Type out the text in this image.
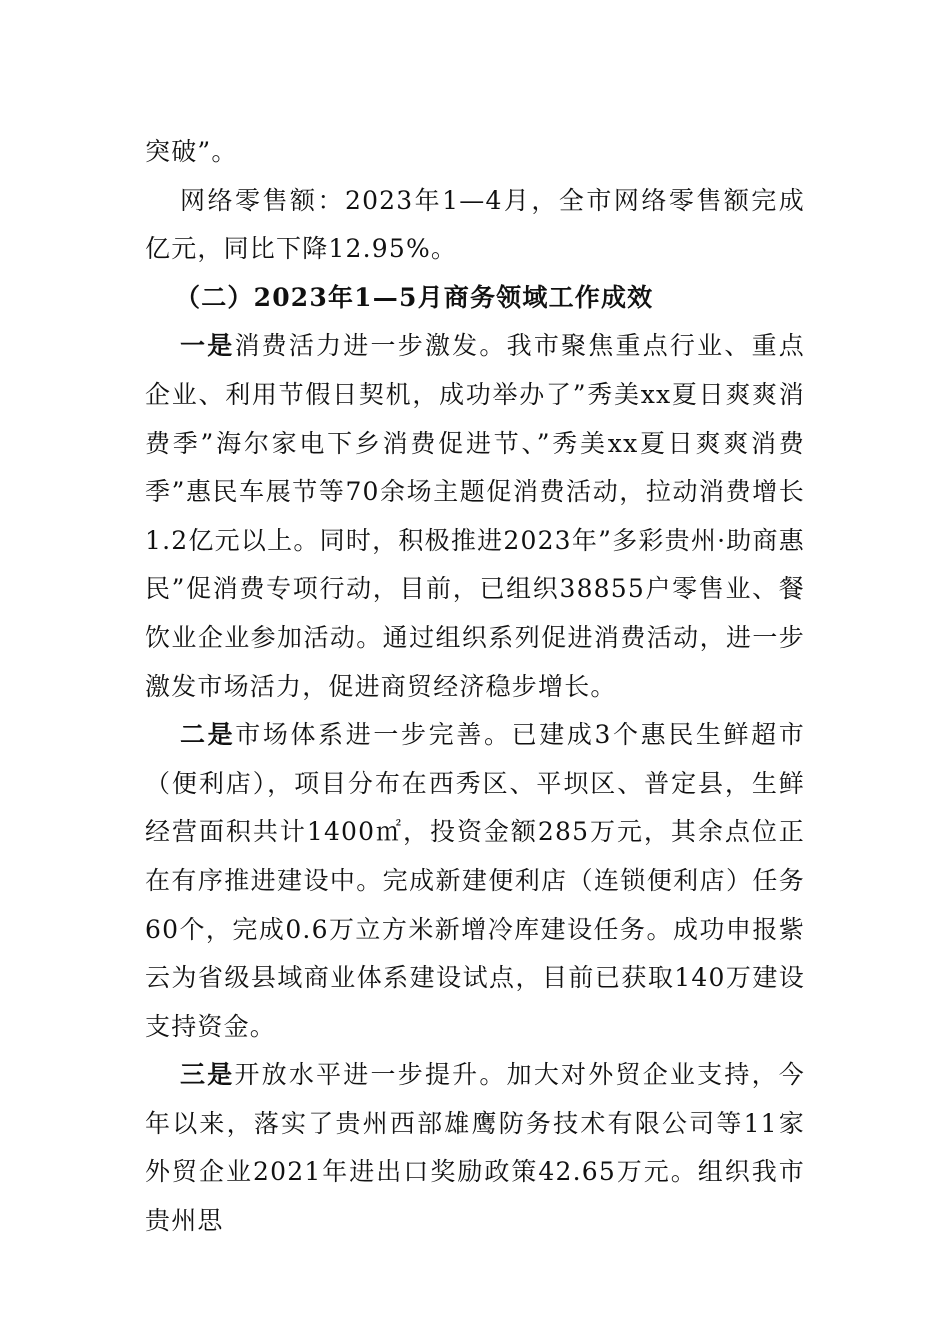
突破”。

网络零售额：2023年1—4月，全市网络零售额完成亿元，同比下降12.95%。

（二）2023年1—5月商务领域工作成效

一是消费活力进一步激发。我市聚焦重点行业、重点企业、利用节假日契机，成功举办了”秀美xx夏日爽爽消费季”海尔家电下乡消费促进节、”秀美xx夏日爽爽消费季”惠民车展节等70余场主题促消费活动，拉动消费增长1.2亿元以上。同时，积极推进2023年”多彩贵州·助商惠民”促消费专项行动，目前，已组织38855户零售业、餐饮业企业参加活动。通过组织系列促进消费活动，进一步激发市场活力，促进商贸经济稳步增长。

二是市场体系进一步完善。已建成3个惠民生鲜超市（便利店），项目分布在西秀区、平坝区、普定县，生鲜经营面积共计1400㎡，投资金额285万元，其余点位正在有序推进建设中。完成新建便利店（连锁便利店）任务60个，完成0.6万立方米新增冷库建设任务。成功申报紫云为省级县域商业体系建设试点，目前已获取140万建设支持资金。

三是开放水平进一步提升。加大对外贸企业支持，今年以来，落实了贵州西部雄鹰防务技术有限公司等11家外贸企业2021年进出口奖励政策42.65万元。组织我市贵州思
